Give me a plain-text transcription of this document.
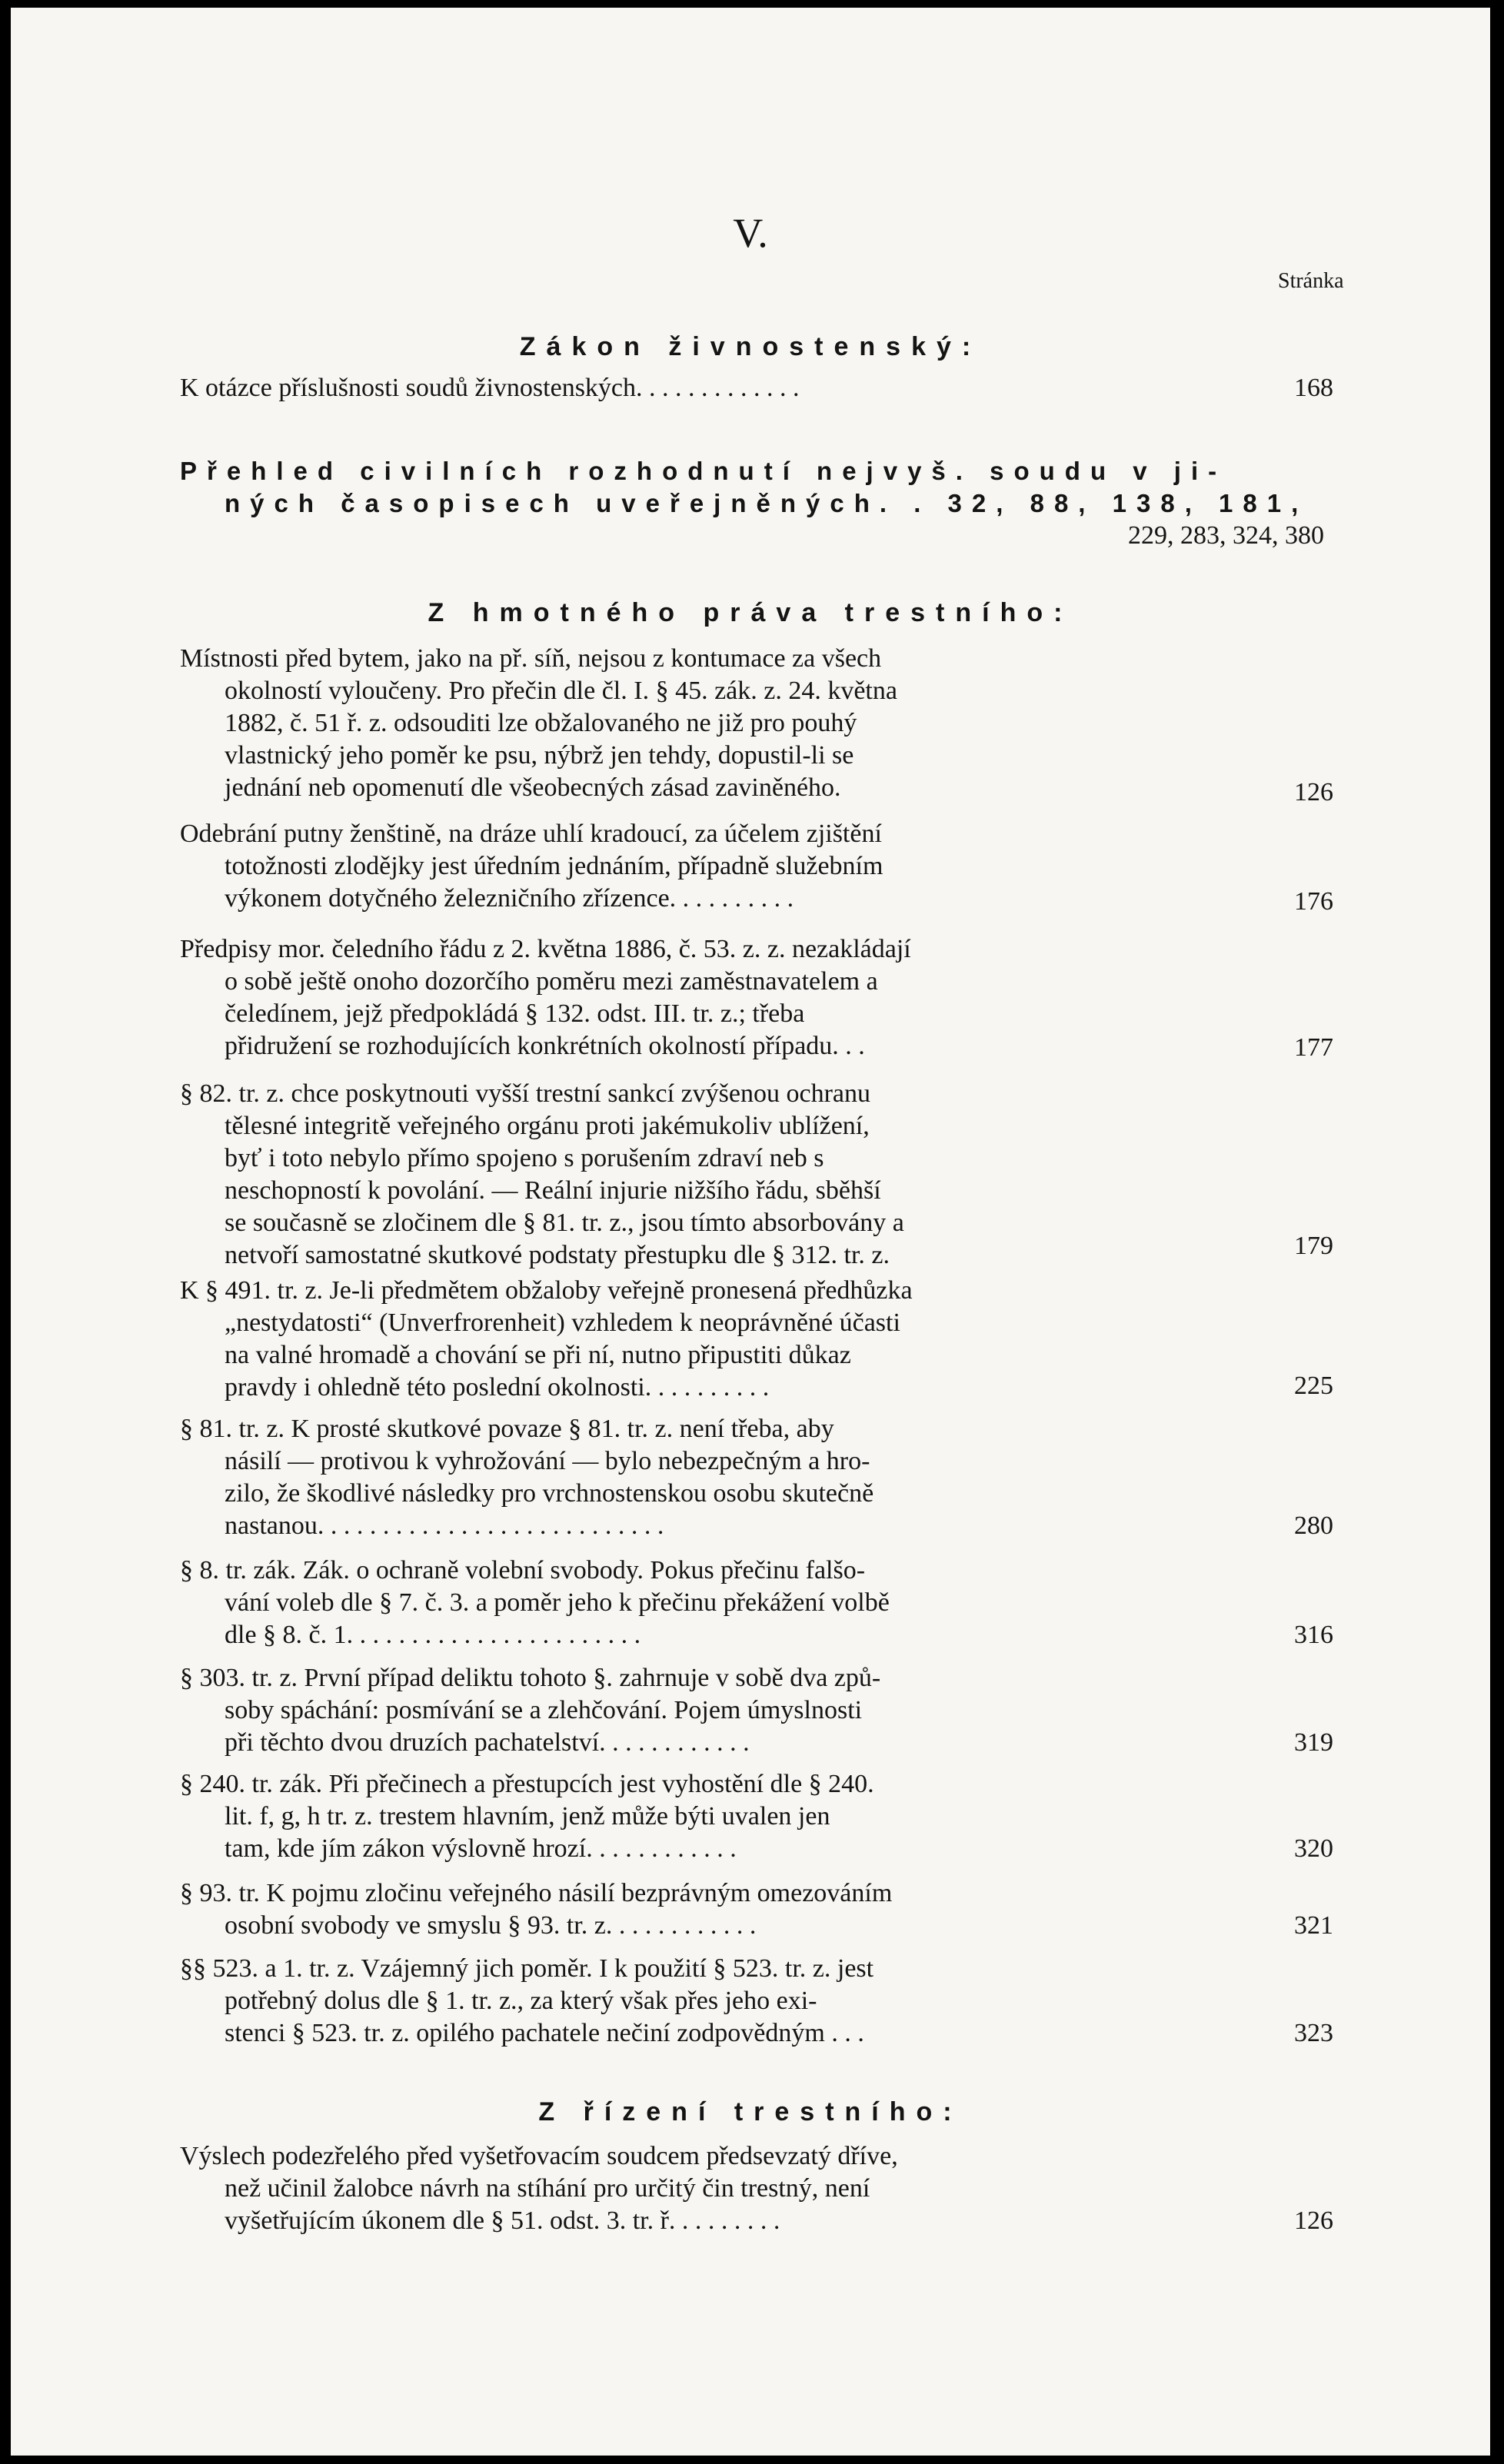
V.
Stránka
Zákon živnostenský:
K otázce příslušnosti soudů živnostenských. . . . . . . . . . . . .	168
Přehled civilních rozhodnutí nejvyš. soudu v ji-
ných časopisech uveřejněných. . 32, 88, 138, 181,
229, 283, 324, 380
Z hmotného práva trestního:
Místnosti před bytem, jako na př. síň, nejsou z kontumace za všech
okolností vyloučeny. Pro přečin dle čl. I. § 45. zák. z. 24. května
1882, č. 51 ř. z. odsouditi lze obžalovaného ne již pro pouhý
vlastnický jeho poměr ke psu, nýbrž jen tehdy, dopustil-li se
jednání neb opomenutí dle všeobecných zásad zaviněného.	126
Odebrání putny ženštině, na dráze uhlí kradoucí, za účelem zjištění
totožnosti zlodějky jest úředním jednáním, případně služebním
výkonem dotyčného železničního zřízence. . . . . . . . . .	176
Předpisy mor. čeledního řádu z 2. května 1886, č. 53. z. z. nezakládají
o sobě ještě onoho dozorčího poměru mezi zaměstnavatelem a
čeledínem, jejž předpokládá § 132. odst. III. tr. z.; třeba
přidružení se rozhodujících konkrétních okolností případu. . .	177
§ 82. tr. z. chce poskytnouti vyšší trestní sankcí zvýšenou ochranu
tělesné integritě veřejného orgánu proti jakémukoliv ublížení,
byť i toto nebylo přímo spojeno s porušením zdraví neb s
neschopností k povolání. — Reální injurie nižšího řádu, sběhší
se současně se zločinem dle § 81. tr. z., jsou tímto absorbovány a
netvoří samostatné skutkové podstaty přestupku dle § 312. tr. z.	179
K § 491. tr. z. Je-li předmětem obžaloby veřejně pronesená předhůzka
„nestydatosti“ (Unverfrorenheit) vzhledem k neoprávněné účasti
na valné hromadě a chování se při ní, nutno připustiti důkaz
pravdy i ohledně této poslední okolnosti. . . . . . . . . .	225
§ 81. tr. z. K prosté skutkové povaze § 81. tr. z. není třeba, aby
násilí — protivou k vyhrožování — bylo nebezpečným a hro-
zilo, že škodlivé následky pro vrchnostenskou osobu skutečně
nastanou. . . . . . . . . . . . . . . . . . . . . . . . . . .	280
§ 8. tr. zák. Zák. o ochraně volební svobody. Pokus přečinu falšo-
vání voleb dle § 7. č. 3. a poměr jeho k přečinu překážení volbě
dle § 8. č. 1. . . . . . . . . . . . . . . . . . . . . . .	316
§ 303. tr. z. První případ deliktu tohoto §. zahrnuje v sobě dva způ-
soby spáchání: posmívání se a zlehčování. Pojem úmyslnosti
při těchto dvou druzích pachatelství. . . . . . . . . . . .	319
§ 240. tr. zák. Při přečinech a přestupcích jest vyhostění dle § 240.
lit. f, g, h tr. z. trestem hlavním, jenž může býti uvalen jen
tam, kde jím zákon výslovně hrozí. . . . . . . . . . . .	320
§ 93. tr. K pojmu zločinu veřejného násilí bezprávným omezováním
osobní svobody ve smyslu § 93. tr. z. . . . . . . . . . . .	321
§§ 523. a 1. tr. z. Vzájemný jich poměr. I k použití § 523. tr. z. jest
potřebný dolus dle § 1. tr. z., za který však přes jeho exi-
stenci § 523. tr. z. opilého pachatele nečiní zodpovědným . . .	323
Z řízení trestního:
Výslech podezřelého před vyšetřovacím soudcem předsevzatý dříve,
než učinil žalobce návrh na stíhání pro určitý čin trestný, není
vyšetřujícím úkonem dle § 51. odst. 3. tr. ř. . . . . . . . .	126
